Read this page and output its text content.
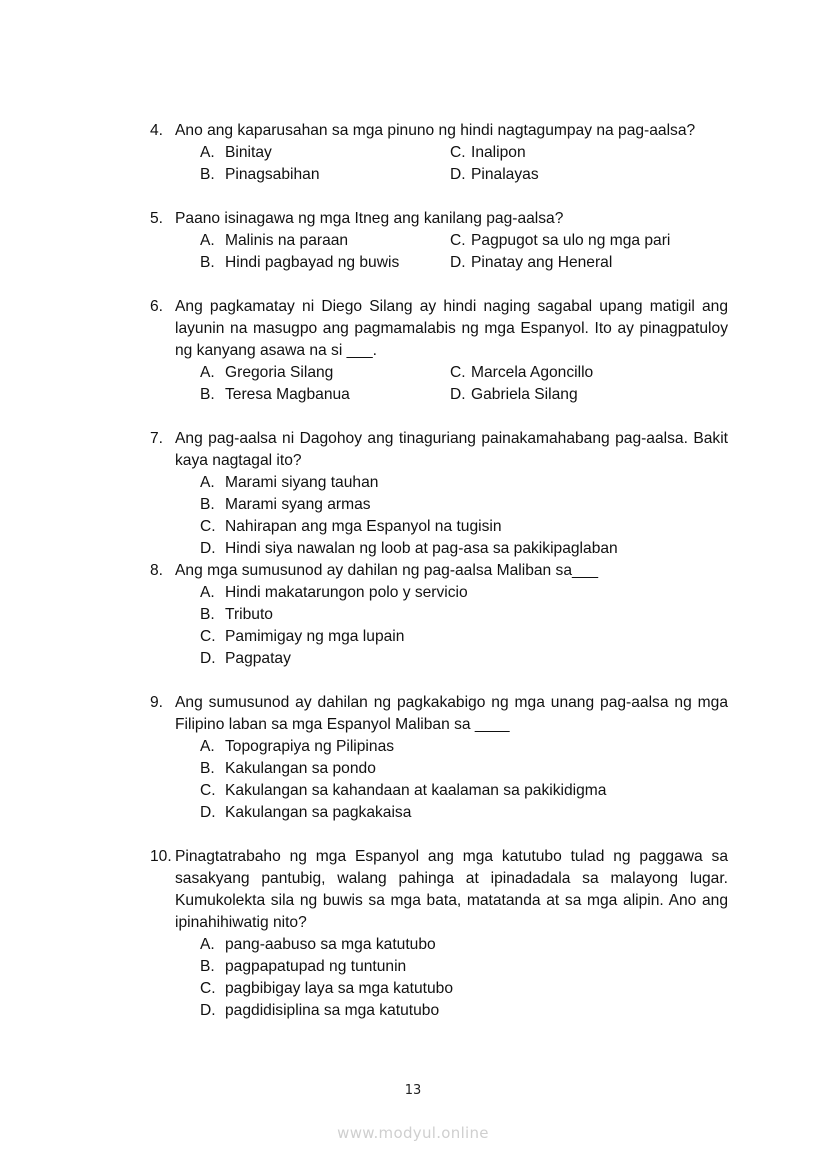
4. Ano ang kaparusahan sa mga pinuno ng hindi nagtagumpay na pag-aalsa?
A. Binitay	C. Inalipon
B. Pinagsabihan	D. Pinalayas
5. Paano isinagawa ng mga Itneg ang kanilang pag-aalsa?
A. Malinis na paraan	C. Pagpugot sa ulo ng mga pari
B. Hindi pagbayad ng buwis	D. Pinatay ang Heneral
6. Ang pagkamatay ni Diego Silang ay hindi naging sagabal upang matigil ang layunin na masugpo ang pagmamalabis ng mga Espanyol. Ito ay pinagpatuloy ng kanyang asawa na si ___.
A. Gregoria Silang	C. Marcela Agoncillo
B. Teresa Magbanua	D. Gabriela Silang
7. Ang pag-aalsa ni Dagohoy ang tinaguriang painakamahabang pag-aalsa. Bakit kaya nagtagal ito?
A. Marami siyang tauhan
B. Marami syang armas
C. Nahirapan ang mga Espanyol na tugisin
D. Hindi siya nawalan ng loob at pag-asa sa pakikipaglaban
8. Ang mga sumusunod ay dahilan ng pag-aalsa Maliban sa___
A. Hindi makatarungon polo y servicio
B. Tributo
C. Pamimigay ng mga lupain
D. Pagpatay
9. Ang sumusunod ay dahilan ng pagkakabigo ng mga unang pag-aalsa ng mga Filipino laban sa mga Espanyol Maliban sa ____
A. Topograpiya ng Pilipinas
B. Kakulangan sa pondo
C. Kakulangan sa kahandaan at kaalaman sa pakikidigma
D. Kakulangan sa pagkakaisa
10. Pinagtatrabaho ng mga Espanyol ang mga katutubo tulad ng paggawa sa sasakyang pantubig, walang pahinga at ipinadadala sa malayong lugar. Kumukolekta sila ng buwis sa mga bata, matatanda at sa mga alipin. Ano ang ipinahihiwatig nito?
A. pang-aabuso sa mga katutubo
B. pagpapatupad ng tuntunin
C. pagbibigay laya sa mga katutubo
D. pagdidisiplina sa mga katutubo
13
www.modyul.online
